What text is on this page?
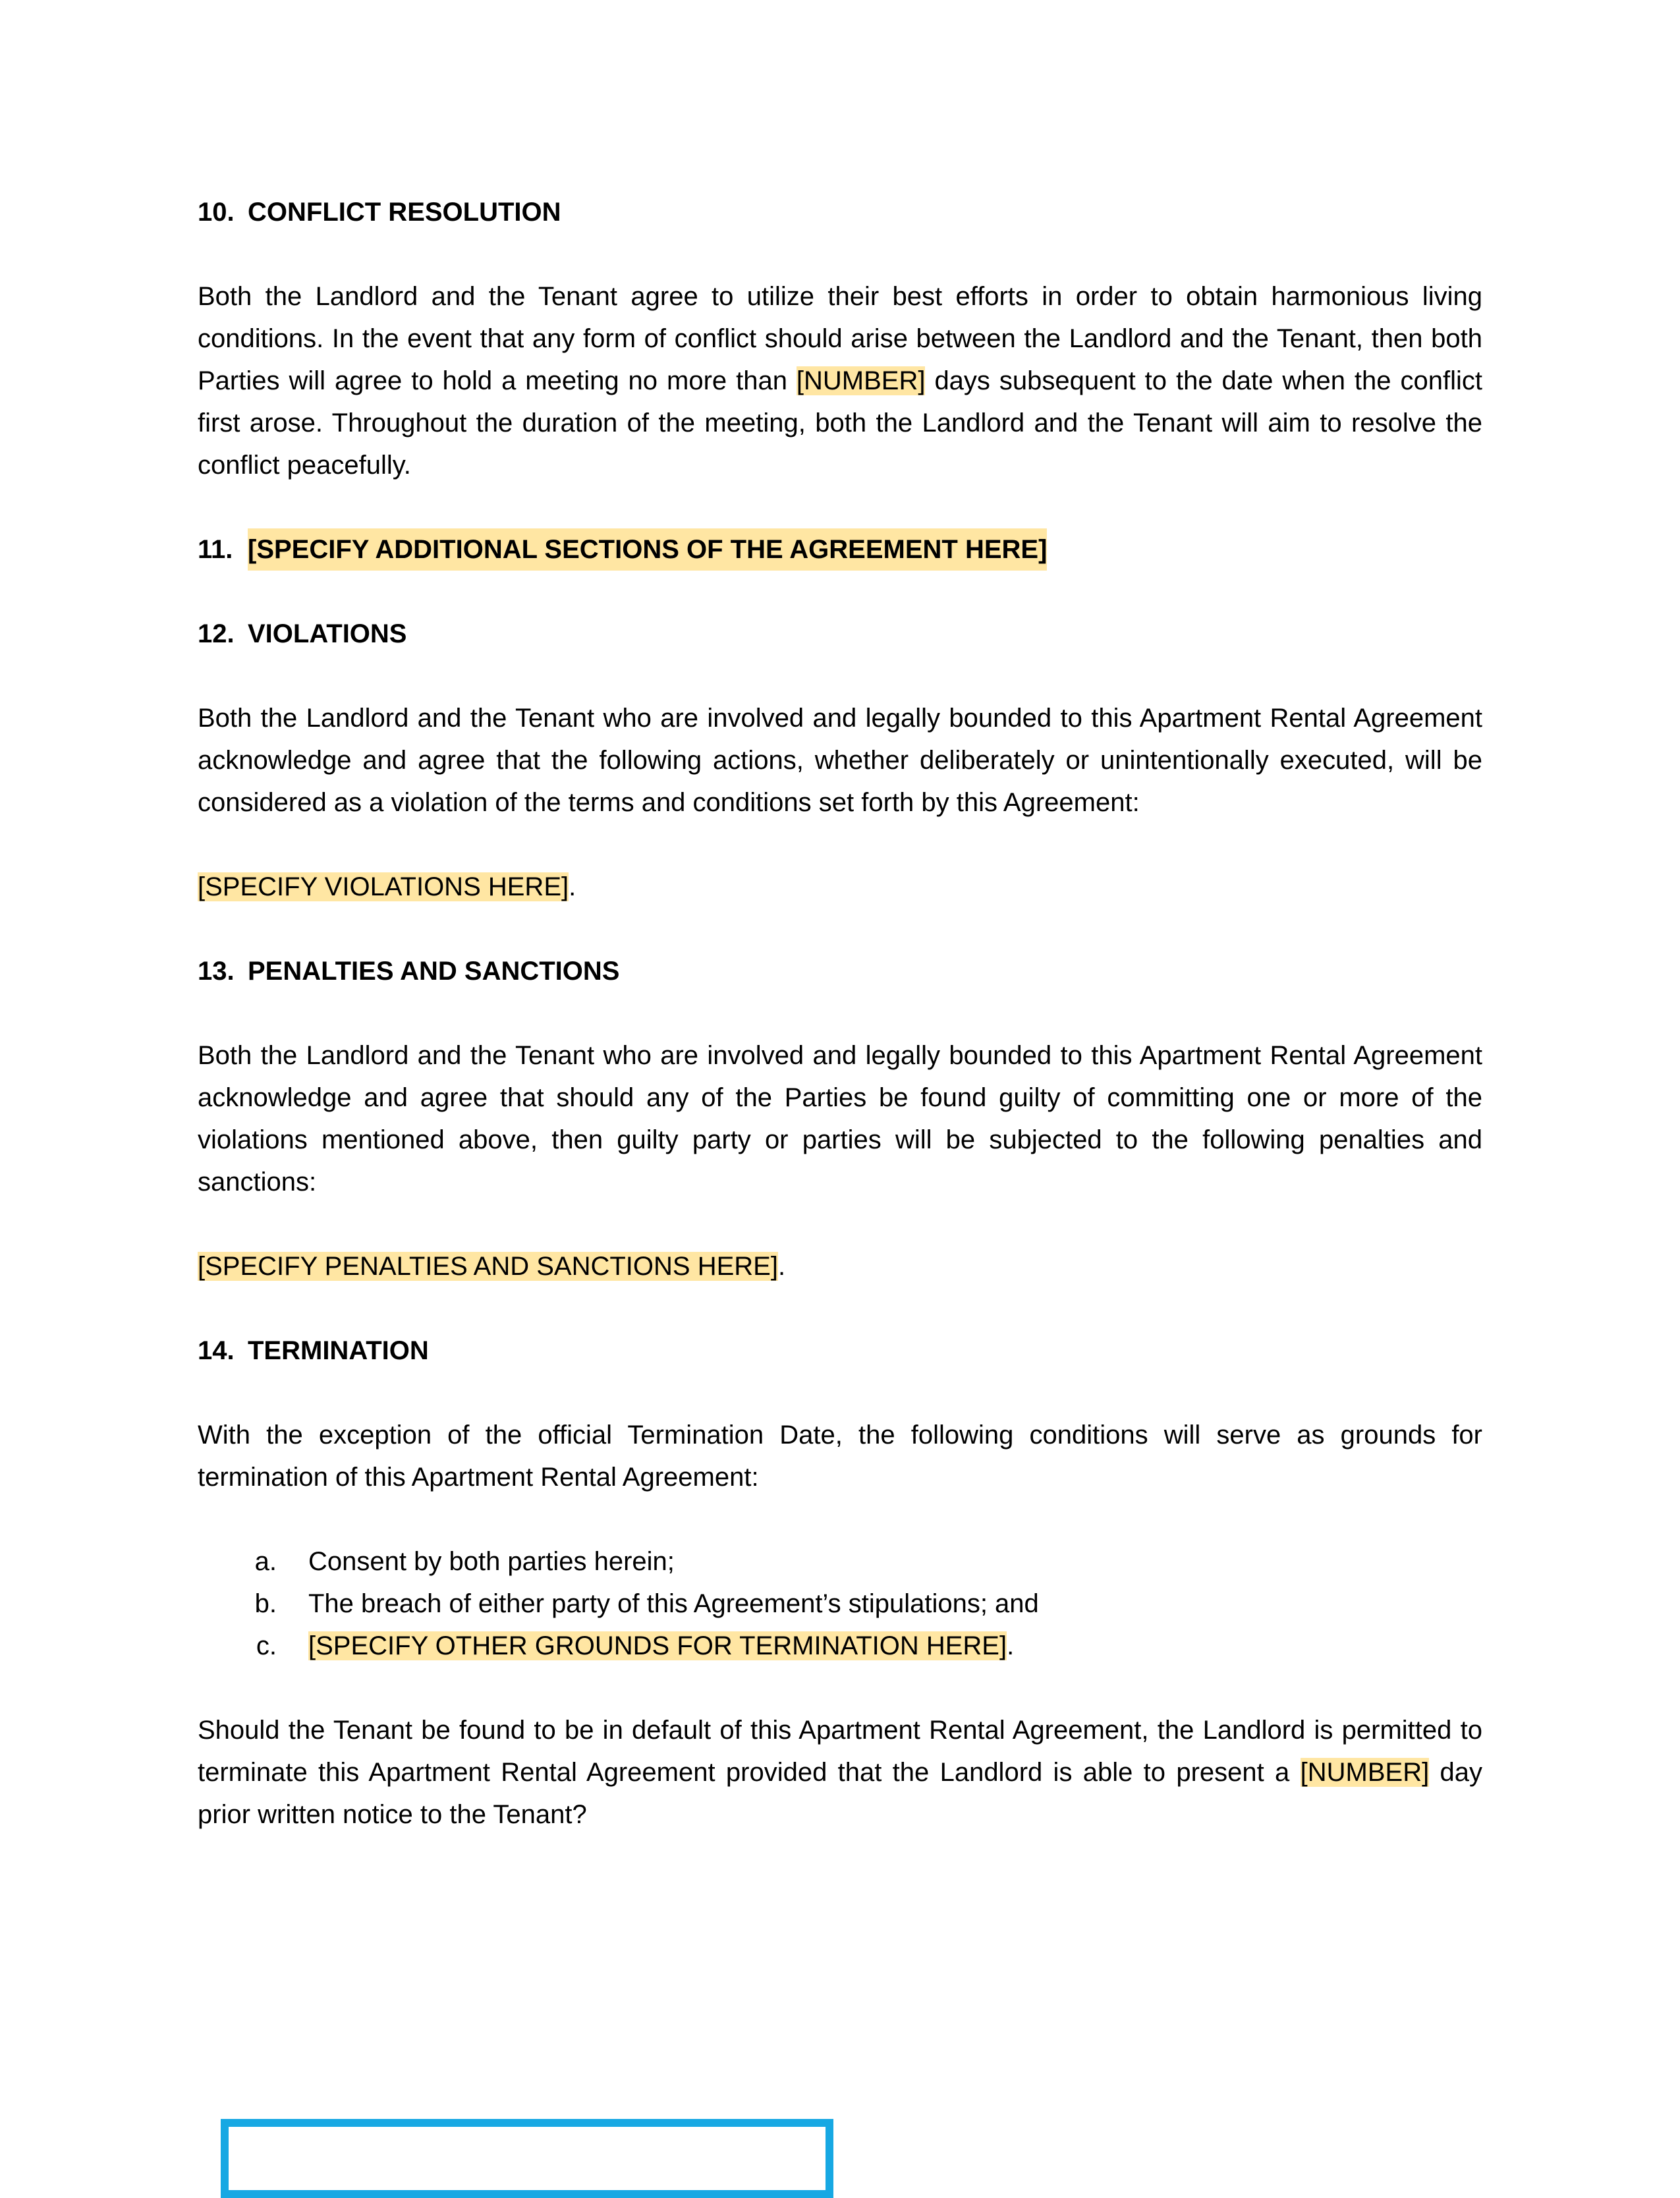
10. CONFLICT RESOLUTION

Both the Landlord and the Tenant agree to utilize their best efforts in order to obtain harmonious living conditions. In the event that any form of conflict should arise between the Landlord and the Tenant, then both Parties will agree to hold a meeting no more than [NUMBER] days subsequent to the date when the conflict first arose. Throughout the duration of the meeting, both the Landlord and the Tenant will aim to resolve the conflict peacefully.

11. [SPECIFY ADDITIONAL SECTIONS OF THE AGREEMENT HERE]
12. VIOLATIONS

Both the Landlord and the Tenant who are involved and legally bounded to this Apartment Rental Agreement acknowledge and agree that the following actions, whether deliberately or unintentionally executed, will be considered as a violation of the terms and conditions set forth by this Agreement:

[SPECIFY VIOLATIONS HERE].

13. PENALTIES AND SANCTIONS

Both the Landlord and the Tenant who are involved and legally bounded to this Apartment Rental Agreement acknowledge and agree that should any of the Parties be found guilty of committing one or more of the violations mentioned above, then guilty party or parties will be subjected to the following penalties and sanctions:

[SPECIFY PENALTIES AND SANCTIONS HERE].

14. TERMINATION

With the exception of the official Termination Date, the following conditions will serve as grounds for termination of this Apartment Rental Agreement:

a.	Consent by both parties herein;
b.	The breach of either party of this Agreement’s stipulations; and
c.	[SPECIFY OTHER GROUNDS FOR TERMINATION HERE].

Should the Tenant be found to be in default of this Apartment Rental Agreement, the Landlord is permitted to terminate this Apartment Rental Agreement provided that the Landlord is able to present a [NUMBER] day prior written notice to the Tenant?
